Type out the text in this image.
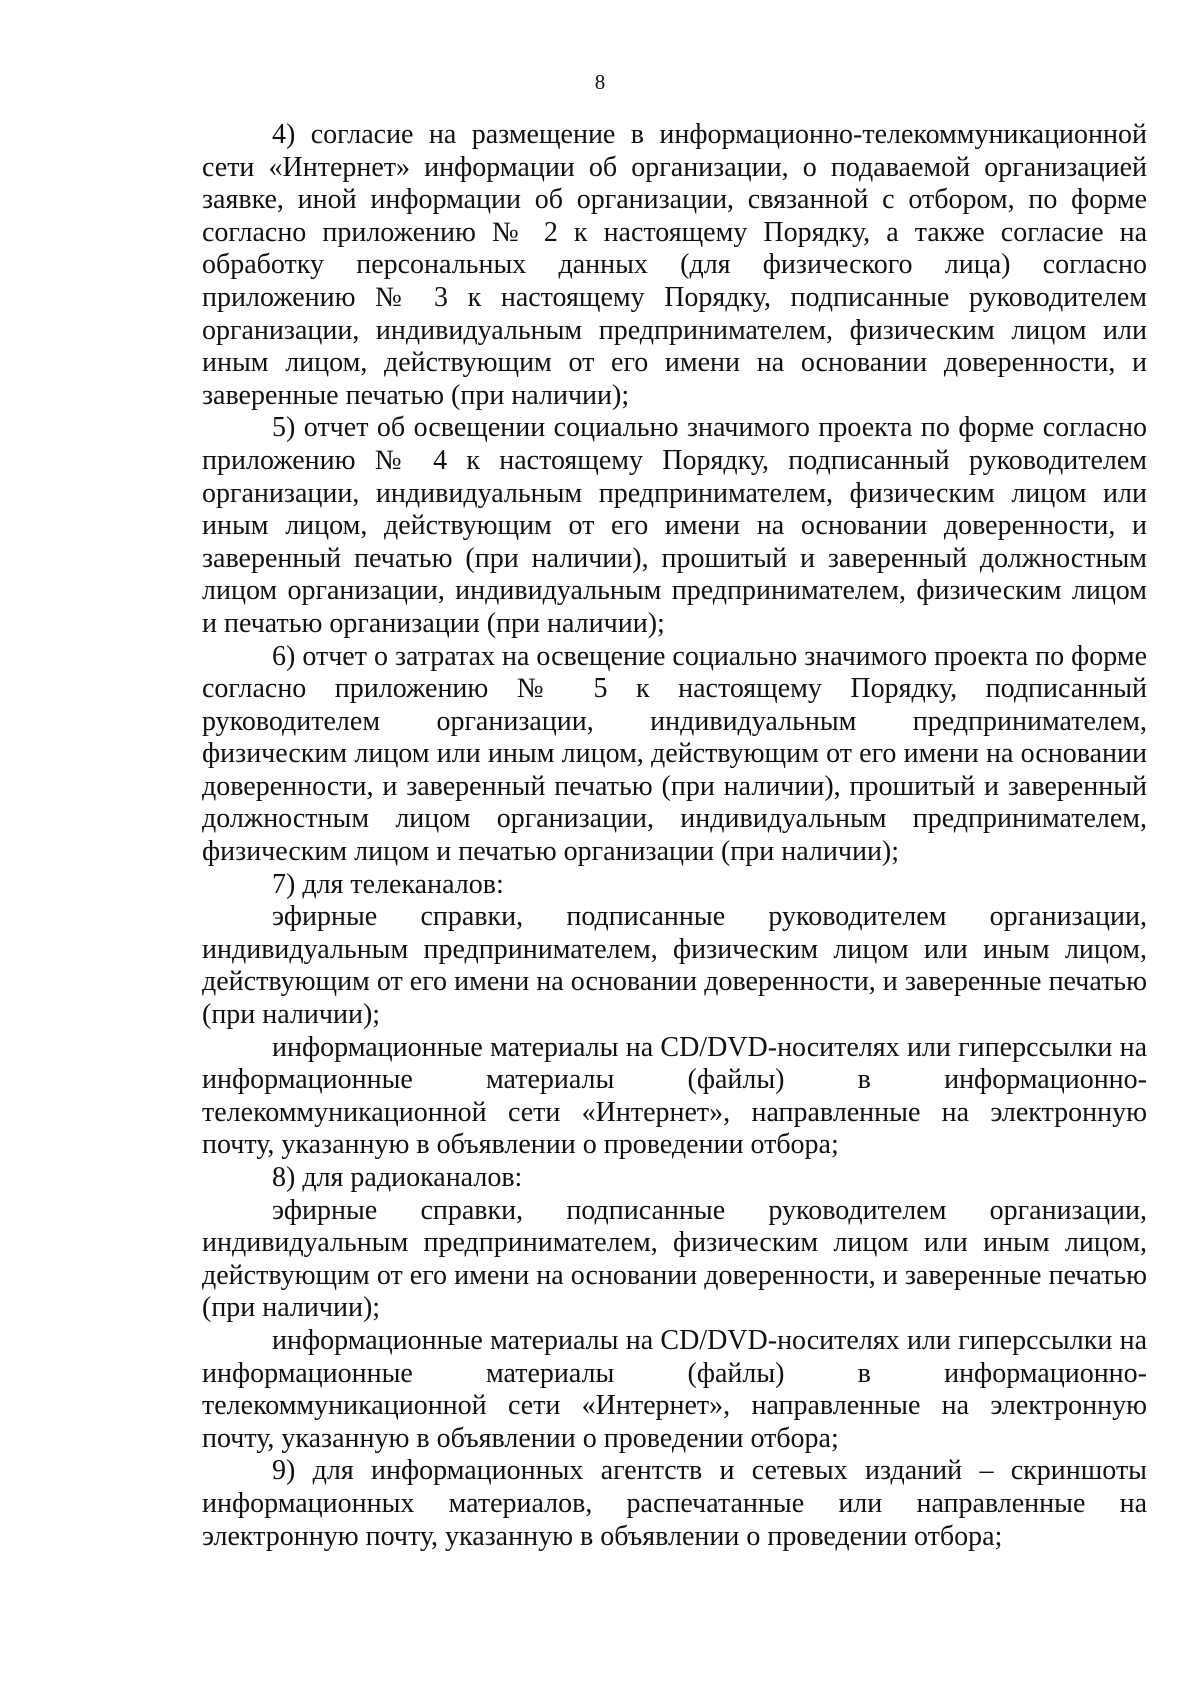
8

4) согласие на размещение в информационно-телекоммуникационной сети «Интернет» информации об организации, о подаваемой организацией заявке, иной информации об организации, связанной с отбором, по форме согласно приложению № 2 к настоящему Порядку, а также согласие на обработку персональных данных (для физического лица) согласно приложению № 3 к настоящему Порядку, подписанные руководителем организации, индивидуальным предпринимателем, физическим лицом или иным лицом, действующим от его имени на основании доверенности, и заверенные печатью (при наличии);

5) отчет об освещении социально значимого проекта по форме согласно приложению № 4 к настоящему Порядку, подписанный руководителем организации, индивидуальным предпринимателем, физическим лицом или иным лицом, действующим от его имени на основании доверенности, и заверенный печатью (при наличии), прошитый и заверенный должностным лицом организации, индивидуальным предпринимателем, физическим лицом и печатью организации (при наличии);

6) отчет о затратах на освещение социально значимого проекта по форме согласно приложению № 5 к настоящему Порядку, подписанный руководителем организации, индивидуальным предпринимателем, физическим лицом или иным лицом, действующим от его имени на основании доверенности, и заверенный печатью (при наличии), прошитый и заверенный должностным лицом организации, индивидуальным предпринимателем, физическим лицом и печатью организации (при наличии);

7) для телеканалов:

эфирные справки, подписанные руководителем организации, индивидуальным предпринимателем, физическим лицом или иным лицом, действующим от его имени на основании доверенности, и заверенные печатью (при наличии);

информационные материалы на CD/DVD-носителях или гиперссылки на информационные материалы (файлы) в информационно-телекоммуникационной сети «Интернет», направленные на электронную почту, указанную в объявлении о проведении отбора;

8) для радиоканалов:

эфирные справки, подписанные руководителем организации, индивидуальным предпринимателем, физическим лицом или иным лицом, действующим от его имени на основании доверенности, и заверенные печатью (при наличии);

информационные материалы на CD/DVD-носителях или гиперссылки на информационные материалы (файлы) в информационно-телекоммуникационной сети «Интернет», направленные на электронную почту, указанную в объявлении о проведении отбора;

9) для информационных агентств и сетевых изданий – скриншоты информационных материалов, распечатанные или направленные на электронную почту, указанную в объявлении о проведении отбора;
